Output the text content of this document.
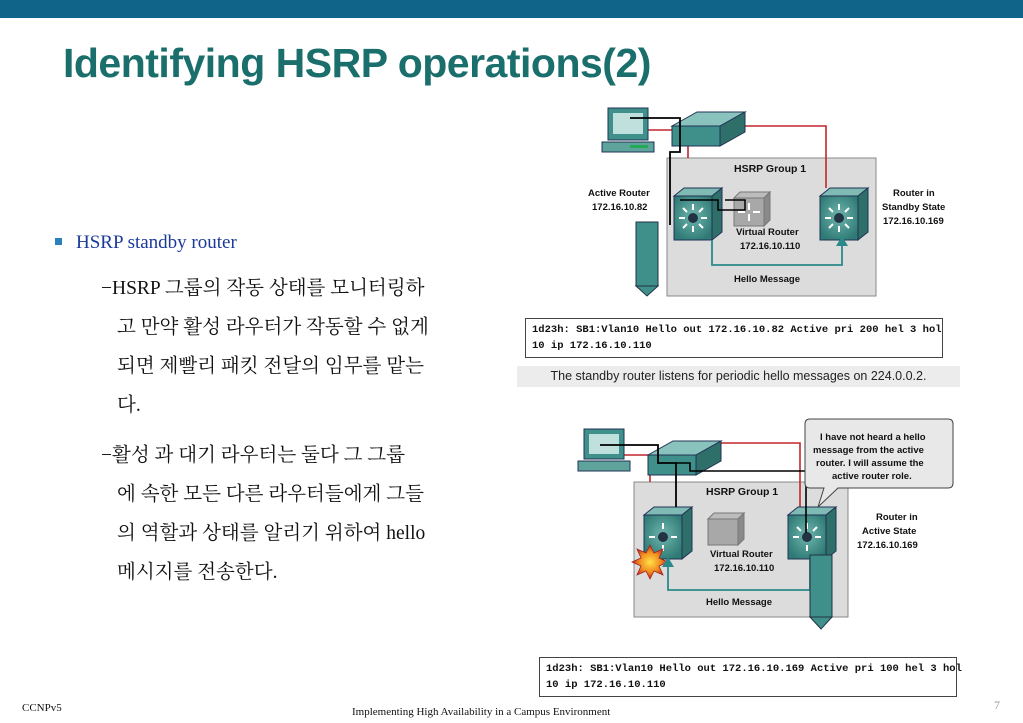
Identifying HSRP operations(2)
HSRP standby router
−HSRP 그룹의 작동 상태를 모니터링하
고 만약 활성 라우터가 작동할 수 없게
되면 제빨리 패킷 전달의 임무를 맡는
다.
−활성 과 대기 라우터는 둘다 그 그룹
에 속한 모든 다른 라우터들에게 그들
의 역할과 상태를 알리기 위하여 hello
메시지를 전송한다.
HSRP Group 1
Active Router
172.16.10.82
Router in
Standby State
172.16.10.169
Virtual Router
172.16.10.110
Hello Message
1d23h: SB1:Vlan10 Hello out 172.16.10.82 Active pri 200 hel 3 hol
10 ip 172.16.10.110
The standby router listens for periodic hello messages on 224.0.0.2.
HSRP Group 1
I have not heard a hello
message from the active
router. I will assume the
active router role.
Router in
Active State
172.16.10.169
Virtual Router
172.16.10.110
Hello Message
1d23h: SB1:Vlan10 Hello out 172.16.10.169 Active pri 100 hel 3 hol
10 ip 172.16.10.110
CCNPv5	Implementing High Availability in a Campus Environment	7
